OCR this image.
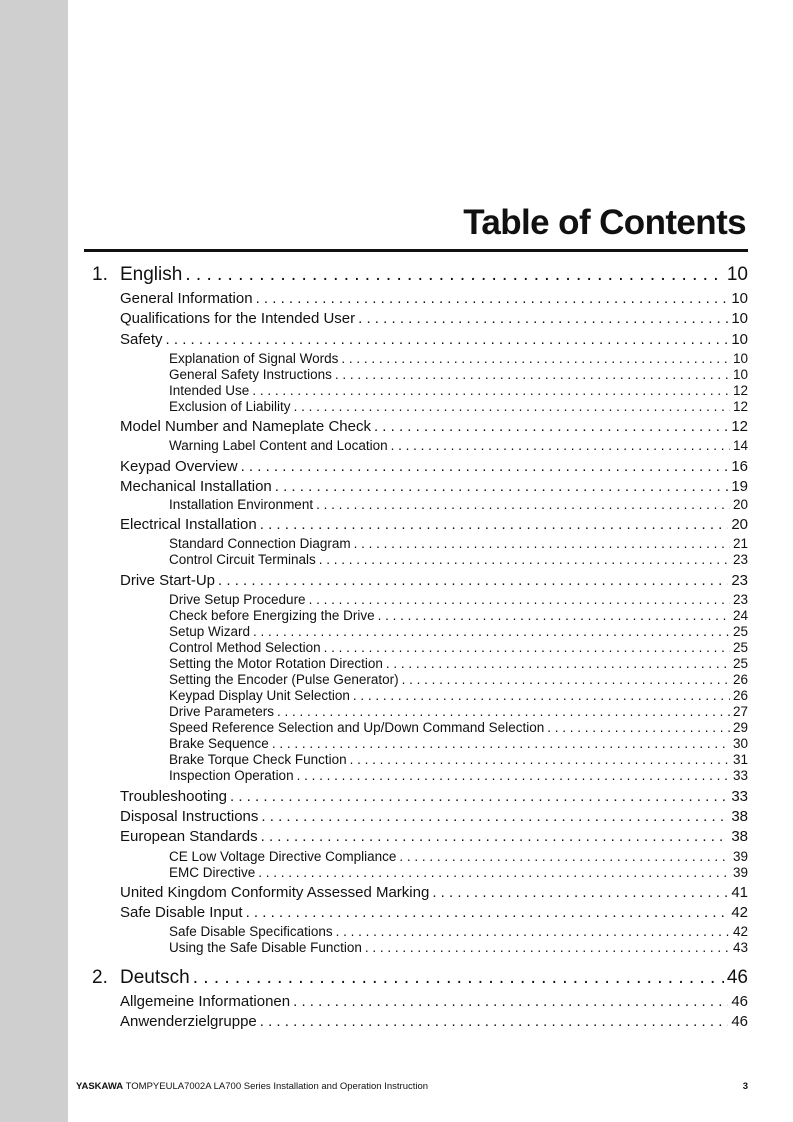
Table of Contents
1. English . . .	10
General Information . . .	10
Qualifications for the Intended User . . .	10
Safety . . .	10
Explanation of Signal Words . . .	10
General Safety Instructions . . .	10
Intended Use . . .	12
Exclusion of Liability . . .	12
Model Number and Nameplate Check . . .	12
Warning Label Content and Location . . .	14
Keypad Overview . . .	16
Mechanical Installation . . .	19
Installation Environment . . .	20
Electrical Installation . . .	20
Standard Connection Diagram . . .	21
Control Circuit Terminals . . .	23
Drive Start-Up . . .	23
Drive Setup Procedure . . .	23
Check before Energizing the Drive . . .	24
Setup Wizard . . .	25
Control Method Selection . . .	25
Setting the Motor Rotation Direction . . .	25
Setting the Encoder (Pulse Generator) . . .	26
Keypad Display Unit Selection . . .	26
Drive Parameters . . .	27
Speed Reference Selection and Up/Down Command Selection . . .	29
Brake Sequence . . .	30
Brake Torque Check Function . . .	31
Inspection Operation . . .	33
Troubleshooting . . .	33
Disposal Instructions . . .	38
European Standards . . .	38
CE Low Voltage Directive Compliance . . .	39
EMC Directive . . .	39
United Kingdom Conformity Assessed Marking . . .	41
Safe Disable Input . . .	42
Safe Disable Specifications . . .	42
Using the Safe Disable Function . . .	43
2. Deutsch . . .	46
Allgemeine Informationen . . .	46
Anwenderzielgruppe . . .	46
YASKAWA TOMPYEULA7002A LA700 Series Installation and Operation Instruction	3
